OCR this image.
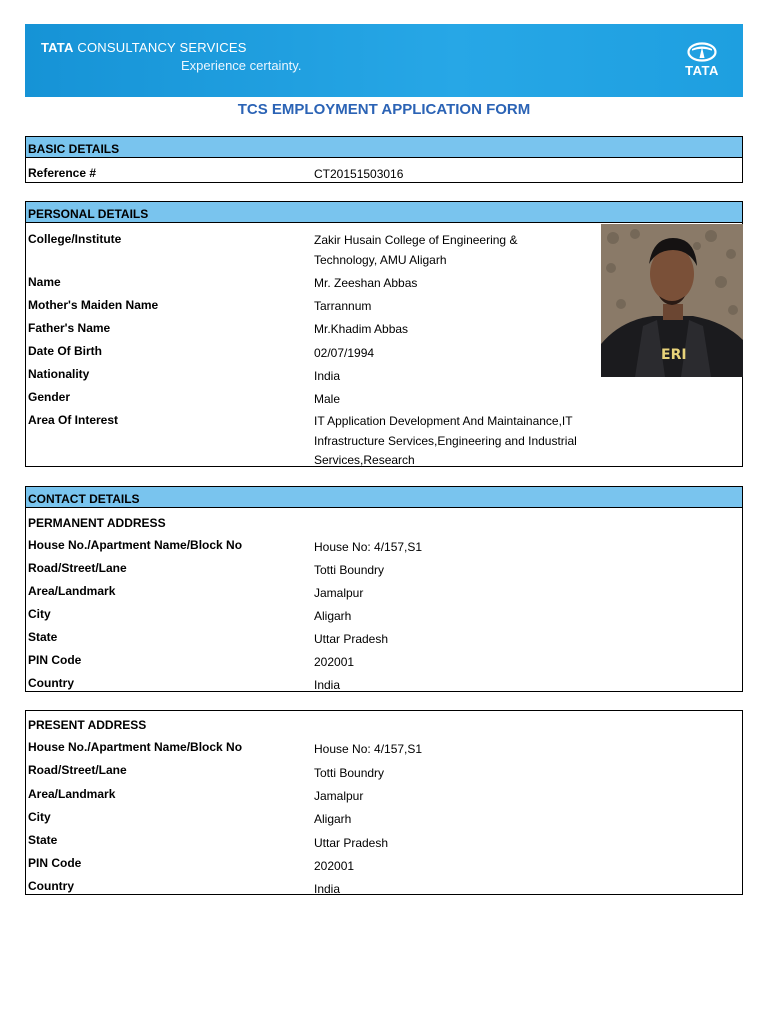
TATA CONSULTANCY SERVICES
Experience certainty.	TATA
TCS EMPLOYMENT APPLICATION FORM
BASIC DETAILS
Reference #	CT20151503016
PERSONAL DETAILS
ERI
College/Institute	Zakir Husain College of Engineering &
Technology, AMU Aligarh
Name	Mr. Zeeshan Abbas
Mother's Maiden Name	Tarrannum
Father's Name	Mr.Khadim Abbas
Date Of Birth	02/07/1994
Nationality	India
Gender	Male
Area Of Interest	IT Application Development And Maintainance,IT
Infrastructure Services,Engineering and Industrial
Services,Research
CONTACT DETAILS
PERMANENT ADDRESS
House No./Apartment Name/Block No	House No: 4/157,S1
Road/Street/Lane	Totti Boundry
Area/Landmark	Jamalpur
City	Aligarh
State	Uttar Pradesh
PIN Code	202001
Country	India
PRESENT ADDRESS
House No./Apartment Name/Block No	House No: 4/157,S1
Road/Street/Lane	Totti Boundry
Area/Landmark	Jamalpur
City	Aligarh
State	Uttar Pradesh
PIN Code	202001
Country	India
